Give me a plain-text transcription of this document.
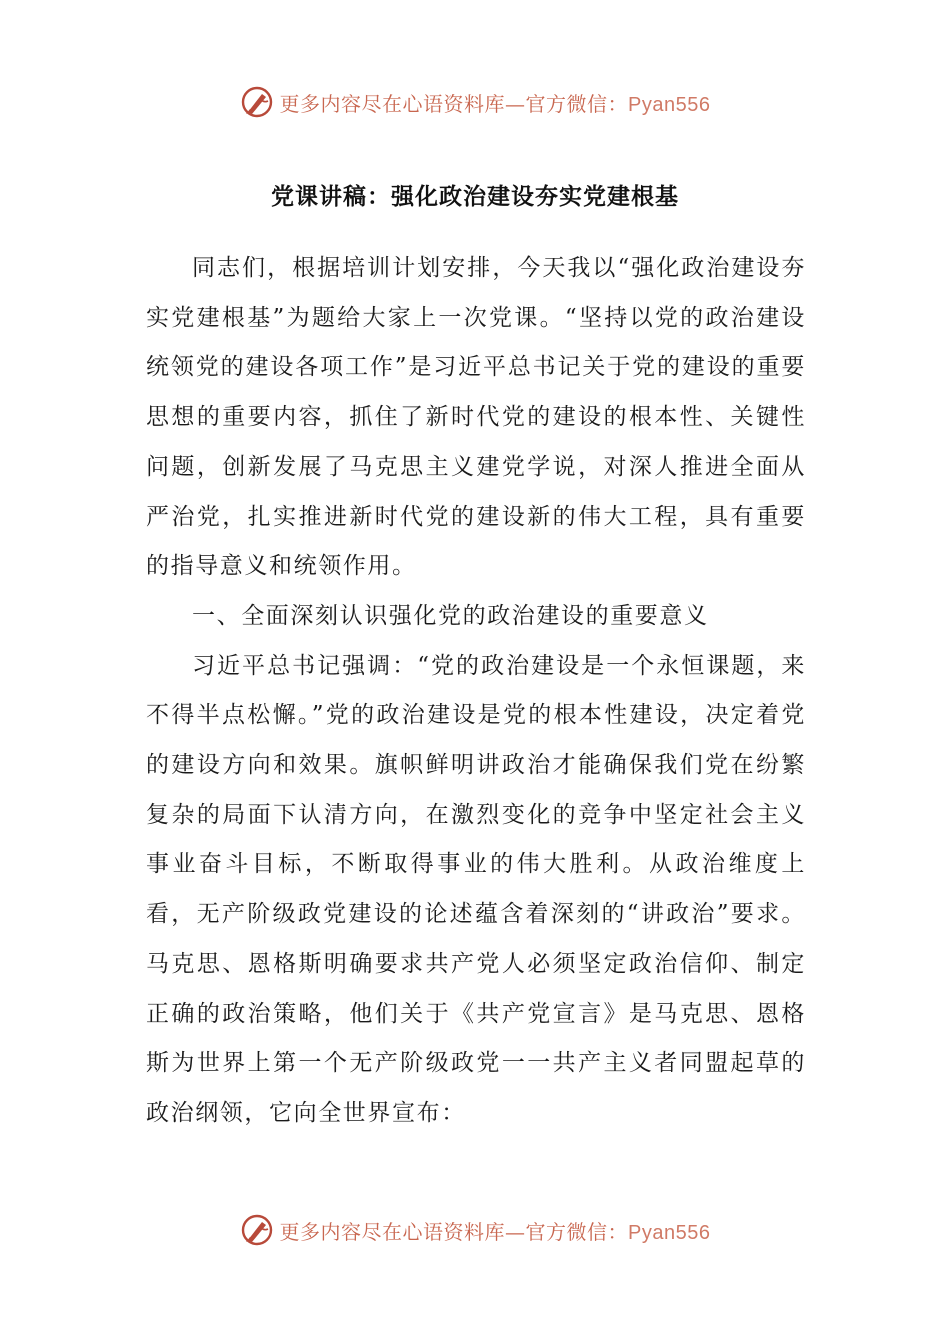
更多内容尽在心语资料库—官方微信：Pyan556
党课讲稿：强化政治建设夯实党建根基

同志们，根据培训计划安排，今天我以“强化政治建设夯实党建根基”为题给大家上一次党课。“坚持以党的政治建设统领党的建设各项工作”是习近平总书记关于党的建设的重要思想的重要内容，抓住了新时代党的建设的根本性、关键性问题，创新发展了马克思主义建党学说，对深人推进全面从严治党，扎实推进新时代党的建设新的伟大工程，具有重要的指导意义和统领作用。

一、全面深刻认识强化党的政治建设的重要意义

习近平总书记强调：“党的政治建设是一个永恒课题，来不得半点松懈。”党的政治建设是党的根本性建设，决定着党的建设方向和效果。旗帜鲜明讲政治才能确保我们党在纷繁复杂的局面下认清方向，在激烈变化的竞争中坚定社会主义事业奋斗目标，不断取得事业的伟大胜利。从政治维度上看，无产阶级政党建设的论述蕴含着深刻的“讲政治”要求。马克思、恩格斯明确要求共产党人必须坚定政治信仰、制定正确的政治策略，他们关于《共产党宣言》是马克思、恩格斯为世界上第一个无产阶级政党一一共产主义者同盟起草的政治纲领，它向全世界宣布：

更多内容尽在心语资料库—官方微信：Pyan556
